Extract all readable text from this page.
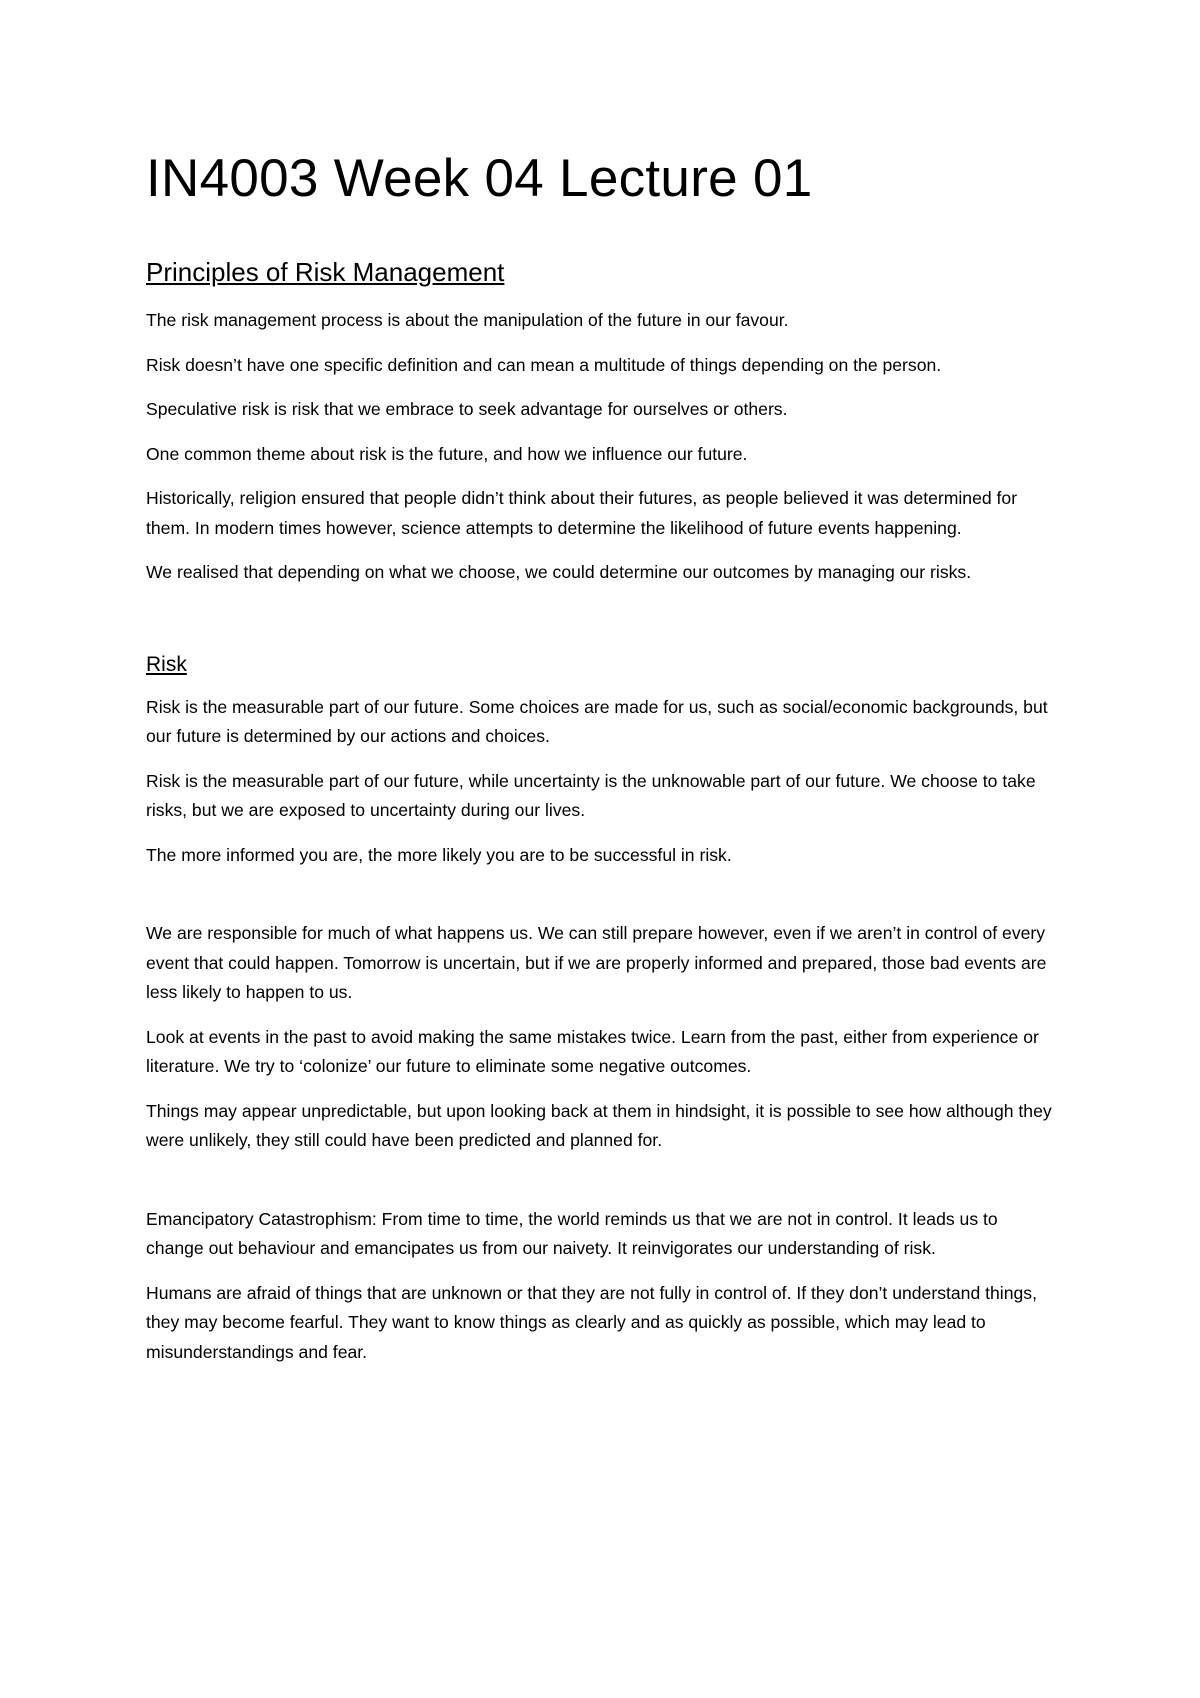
IN4003 Week 04 Lecture 01
Principles of Risk Management

The risk management process is about the manipulation of the future in our favour.

Risk doesn’t have one specific definition and can mean a multitude of things depending on the person.

Speculative risk is risk that we embrace to seek advantage for ourselves or others.

One common theme about risk is the future, and how we influence our future.

Historically, religion ensured that people didn’t think about their futures, as people believed it was determined for them. In modern times however, science attempts to determine the likelihood of future events happening.

We realised that depending on what we choose, we could determine our outcomes by managing our risks.

Risk

Risk is the measurable part of our future. Some choices are made for us, such as social/economic backgrounds, but our future is determined by our actions and choices.

Risk is the measurable part of our future, while uncertainty is the unknowable part of our future. We choose to take risks, but we are exposed to uncertainty during our lives.

The more informed you are, the more likely you are to be successful in risk.

We are responsible for much of what happens us. We can still prepare however, even if we aren’t in control of every event that could happen. Tomorrow is uncertain, but if we are properly informed and prepared, those bad events are less likely to happen to us.

Look at events in the past to avoid making the same mistakes twice. Learn from the past, either from experience or literature. We try to ‘colonize’ our future to eliminate some negative outcomes.

Things may appear unpredictable, but upon looking back at them in hindsight, it is possible to see how although they were unlikely, they still could have been predicted and planned for.

Emancipatory Catastrophism: From time to time, the world reminds us that we are not in control. It leads us to change out behaviour and emancipates us from our naivety. It reinvigorates our understanding of risk.

Humans are afraid of things that are unknown or that they are not fully in control of. If they don’t understand things, they may become fearful. They want to know things as clearly and as quickly as possible, which may lead to misunderstandings and fear.
